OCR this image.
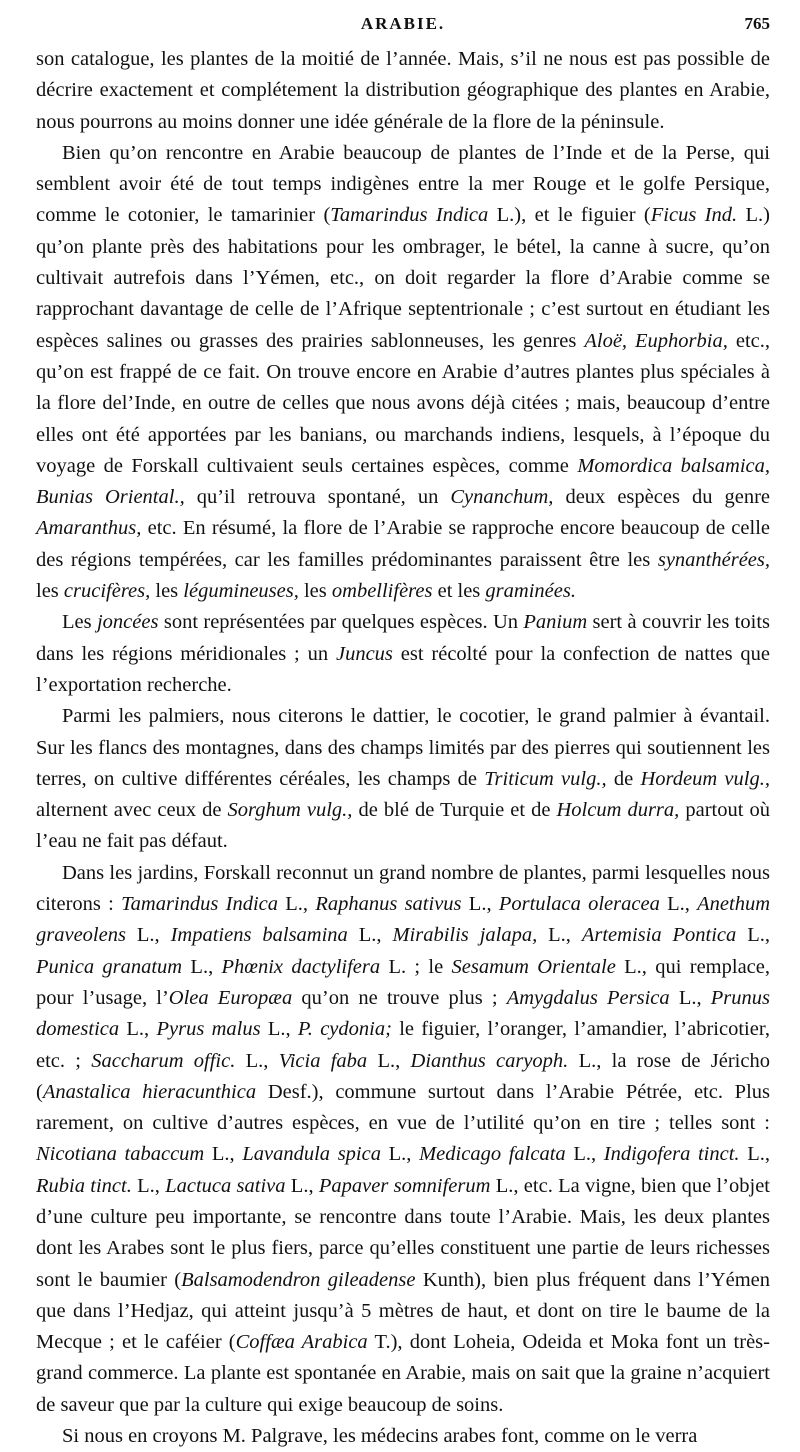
ARABIE.	765

son catalogue, les plantes de la moitié de l’année. Mais, s’il ne nous est pas possible de décrire exactement et complétement la distribution géographique des plantes en Arabie, nous pourrons au moins donner une idée générale de la flore de la péninsule.

Bien qu’on rencontre en Arabie beaucoup de plantes de l’Inde et de la Perse, qui semblent avoir été de tout temps indigènes entre la mer Rouge et le golfe Persique, comme le cotonier, le tamarinier (Tamarindus Indica L.), et le figuier (Ficus Ind. L.) qu’on plante près des habitations pour les ombrager, le bétel, la canne à sucre, qu’on cultivait autrefois dans l’Yémen, etc., on doit regarder la flore d’Arabie comme se rapprochant davantage de celle de l’Afrique septentrionale ; c’est surtout en étudiant les espèces salines ou grasses des prairies sablonneuses, les genres Aloë, Euphorbia, etc., qu’on est frappé de ce fait. On trouve encore en Arabie d’autres plantes plus spéciales à la flore del’Inde, en outre de celles que nous avons déjà citées ; mais, beaucoup d’entre elles ont été apportées par les banians, ou marchands indiens, lesquels, à l’époque du voyage de Forskall cultivaient seuls certaines espèces, comme Momordica balsamica, Bunias Oriental., qu’il retrouva spontané, un Cynanchum, deux espèces du genre Amaranthus, etc. En résumé, la flore de l’Arabie se rapproche encore beaucoup de celle des régions tempérées, car les familles prédominantes paraissent être les synanthérées, les crucifères, les légumineuses, les ombellifères et les graminées.

Les joncées sont représentées par quelques espèces. Un Panium sert à couvrir les toits dans les régions méridionales ; un Juncus est récolté pour la confection de nattes que l’exportation recherche.

Parmi les palmiers, nous citerons le dattier, le cocotier, le grand palmier à évantail. Sur les flancs des montagnes, dans des champs limités par des pierres qui soutiennent les terres, on cultive différentes céréales, les champs de Triticum vulg., de Hordeum vulg., alternent avec ceux de Sorghum vulg., de blé de Turquie et de Holcum durra, partout où l’eau ne fait pas défaut.

Dans les jardins, Forskall reconnut un grand nombre de plantes, parmi lesquelles nous citerons : Tamarindus Indica L., Raphanus sativus L., Portulaca oleracea L., Anethum graveolens L., Impatiens balsamina L., Mirabilis jalapa, L., Artemisia Pontica L., Punica granatum L., Phœnix dactylifera L. ; le Sesamum Orientale L., qui remplace, pour l’usage, l’Olea Europæa qu’on ne trouve plus ; Amygdalus Persica L., Prunus domestica L., Pyrus malus L., P. cydonia; le figuier, l’oranger, l’amandier, l’abricotier, etc. ; Saccharum offic. L., Vicia faba L., Dianthus caryoph. L., la rose de Jéricho (Anastalica hieracunthica Desf.), commune surtout dans l’Arabie Pétrée, etc. Plus rarement, on cultive d’autres espèces, en vue de l’utilité qu’on en tire ; telles sont : Nicotiana tabaccum L., Lavandula spica L., Medicago falcata L., Indigofera tinct. L., Rubia tinct. L., Lactuca sativa L., Papaver somniferum L., etc. La vigne, bien que l’objet d’une culture peu importante, se rencontre dans toute l’Arabie. Mais, les deux plantes dont les Arabes sont le plus fiers, parce qu’elles constituent une partie de leurs richesses sont le baumier (Balsamodendron gileadense Kunth), bien plus fréquent dans l’Yémen que dans l’Hedjaz, qui atteint jusqu’à 5 mètres de haut, et dont on tire le baume de la Mecque ; et le caféier (Coffæa Arabica T.), dont Loheia, Odeida et Moka font un très-grand commerce. La plante est spontanée en Arabie, mais on sait que la graine n’acquiert de saveur que par la culture qui exige beaucoup de soins.

Si nous en croyons M. Palgrave, les médecins arabes font, comme on le verra
